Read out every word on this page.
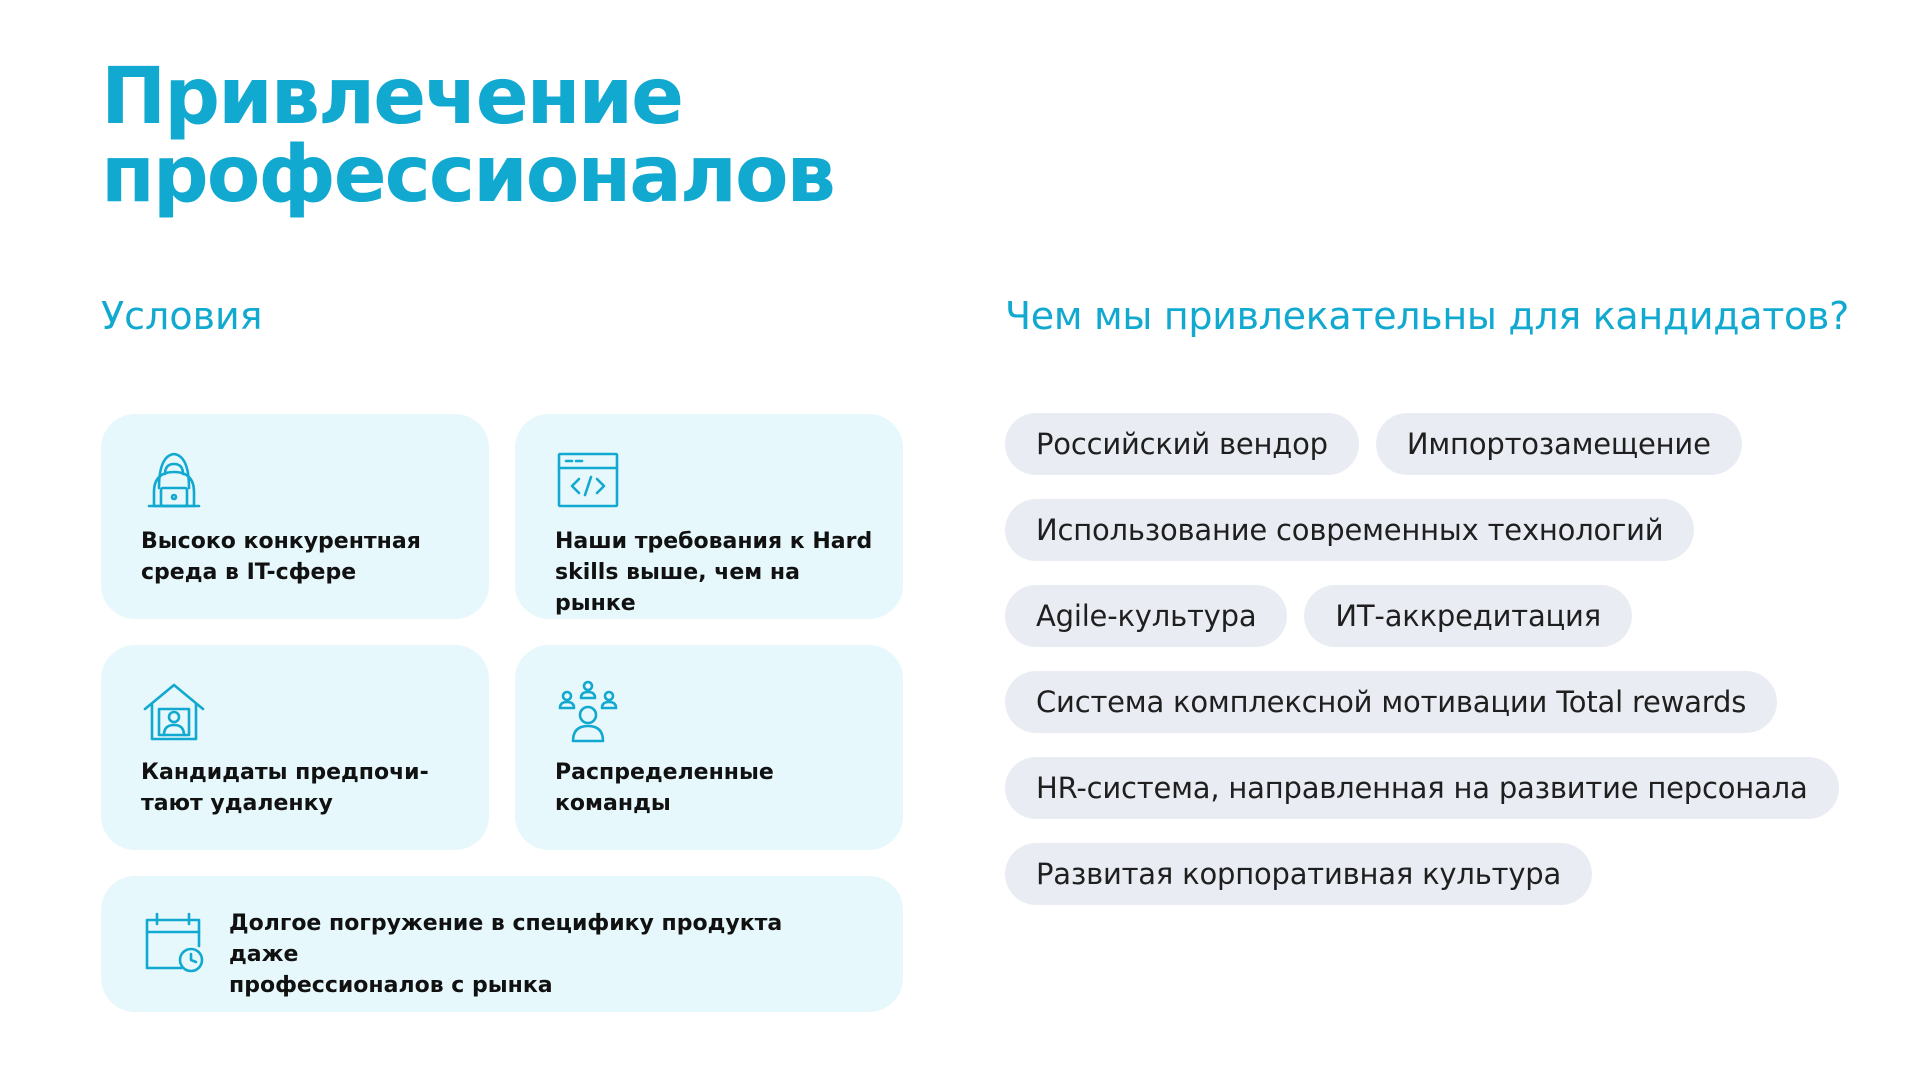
Привлечение
профессионалов
Условия	Чем мы привлекательны для кандидатов?

Высоко конкурентная
среда в IT-сфере

Наши требования к Hard
skills выше, чем на рынке

Кандидаты предпочи-
тают удаленку

Распределенные
команды

Долгое погружение в специфику продукта даже
профессионалов с рынка

Российский вендор	Импортозамещение
Использование современных технологий
Agile-культура	ИТ-аккредитация
Система комплексной мотивации Total rewards
HR-система, направленная на развитие персонала
Развитая корпоративная культура
